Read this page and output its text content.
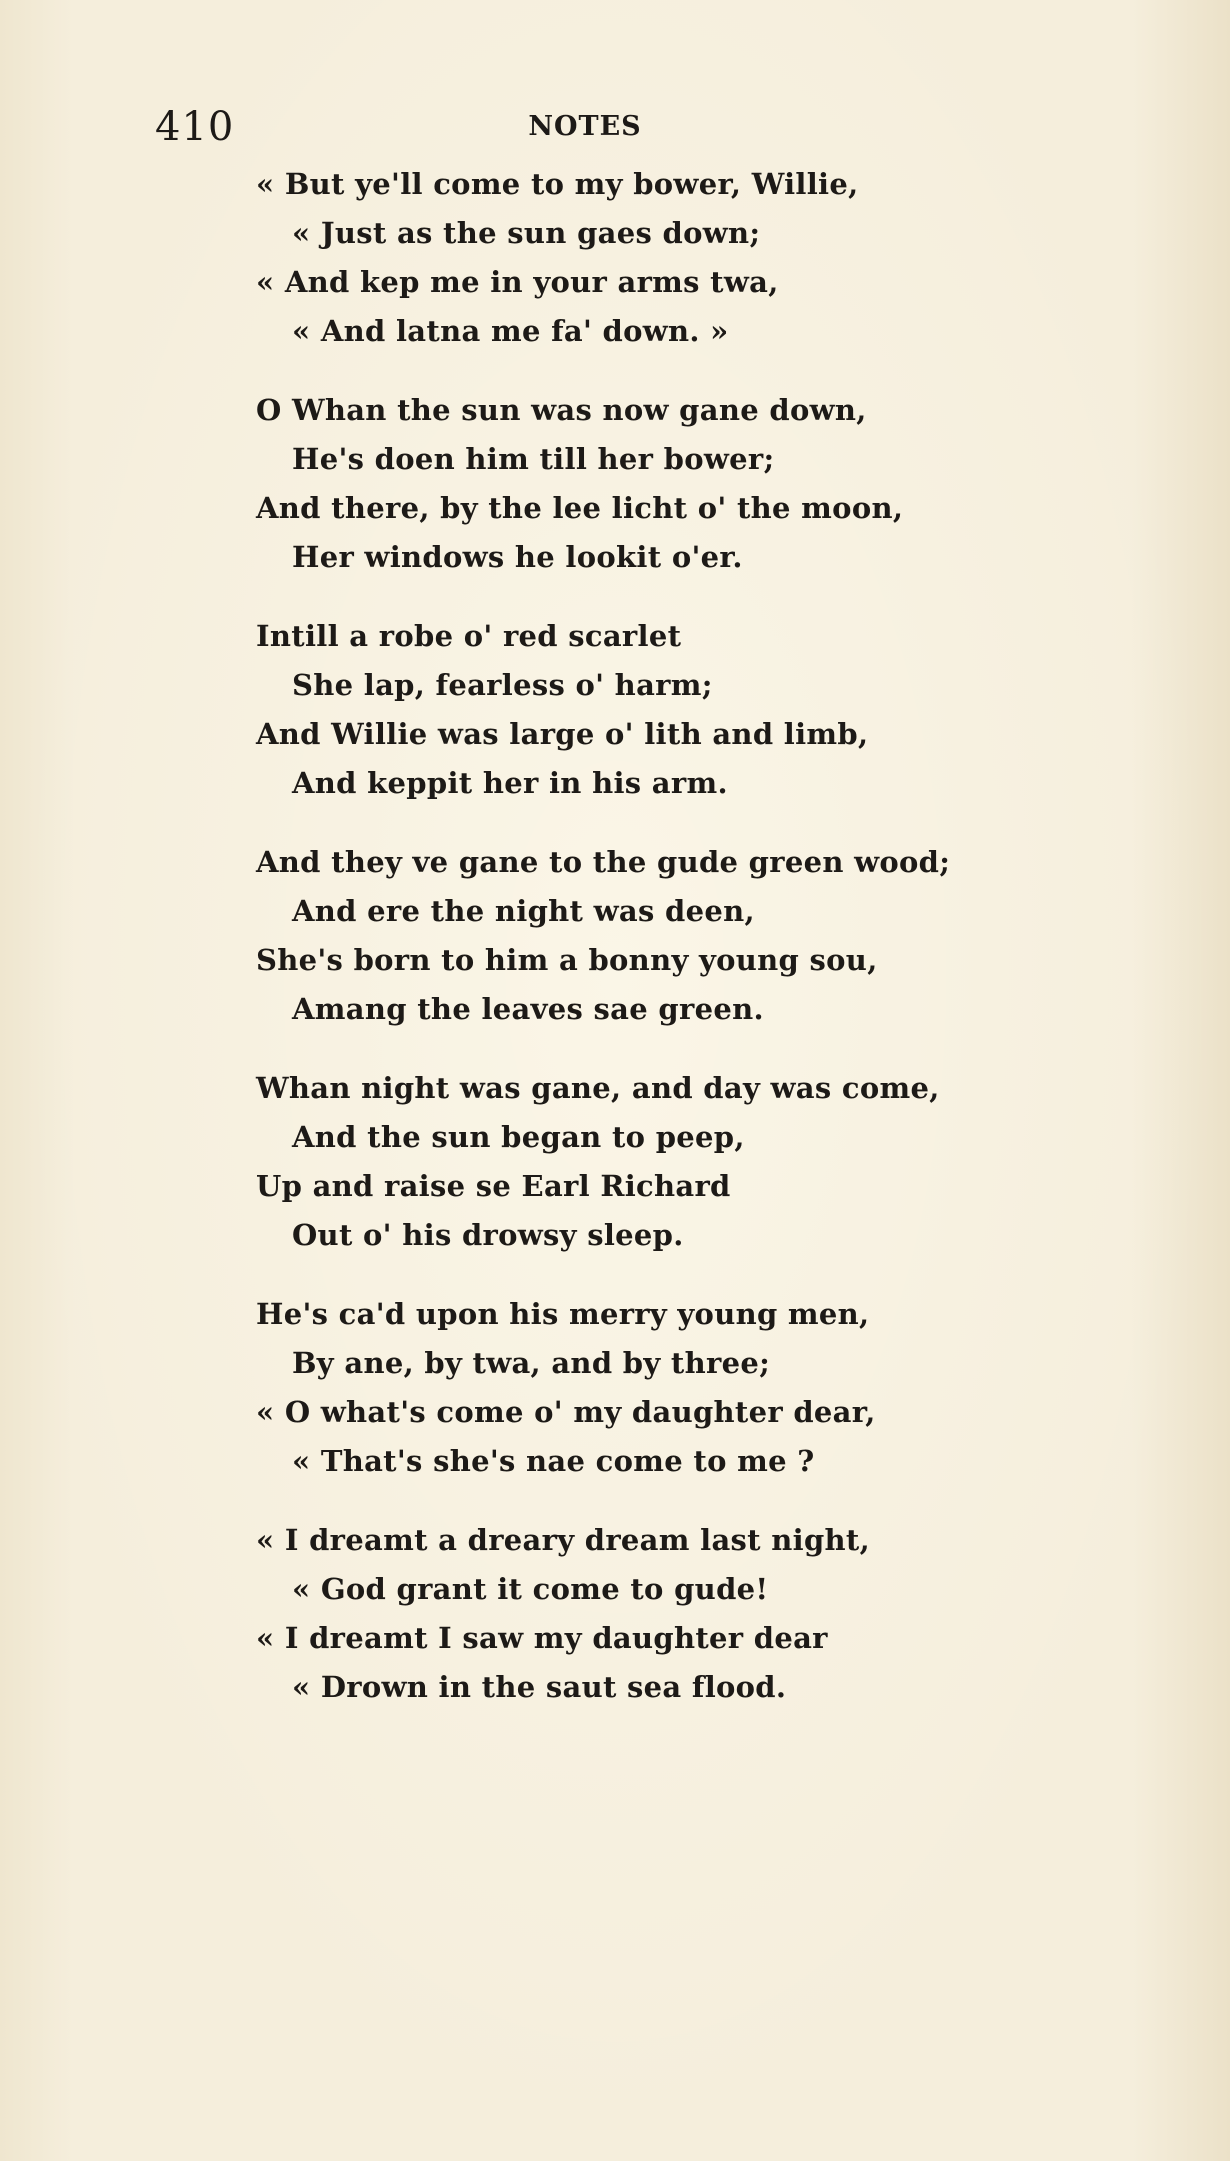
410	NOTES
« But ye'll come to my bower, Willie,
« Just as the sun gaes down;
« And kep me in your arms twa,
« And latna me fa' down. »
O Whan the sun was now gane down,
He's doen him till her bower;
And there, by the lee licht o' the moon,
Her windows he lookit o'er.
Intill a robe o' red scarlet
She lap, fearless o' harm;
And Willie was large o' lith and limb,
And keppit her in his arm.
And they ve gane to the gude green wood;
And ere the night was deen,
She's born to him a bonny young sou,
Amang the leaves sae green.
Whan night was gane, and day was come,
And the sun began to peep,
Up and raise se Earl Richard
Out o' his drowsy sleep.
He's ca'd upon his merry young men,
By ane, by twa, and by three;
« O what's come o' my daughter dear,
« That's she's nae come to me ?
« I dreamt a dreary dream last night,
« God grant it come to gude!
« I dreamt I saw my daughter dear
« Drown in the saut sea flood.
